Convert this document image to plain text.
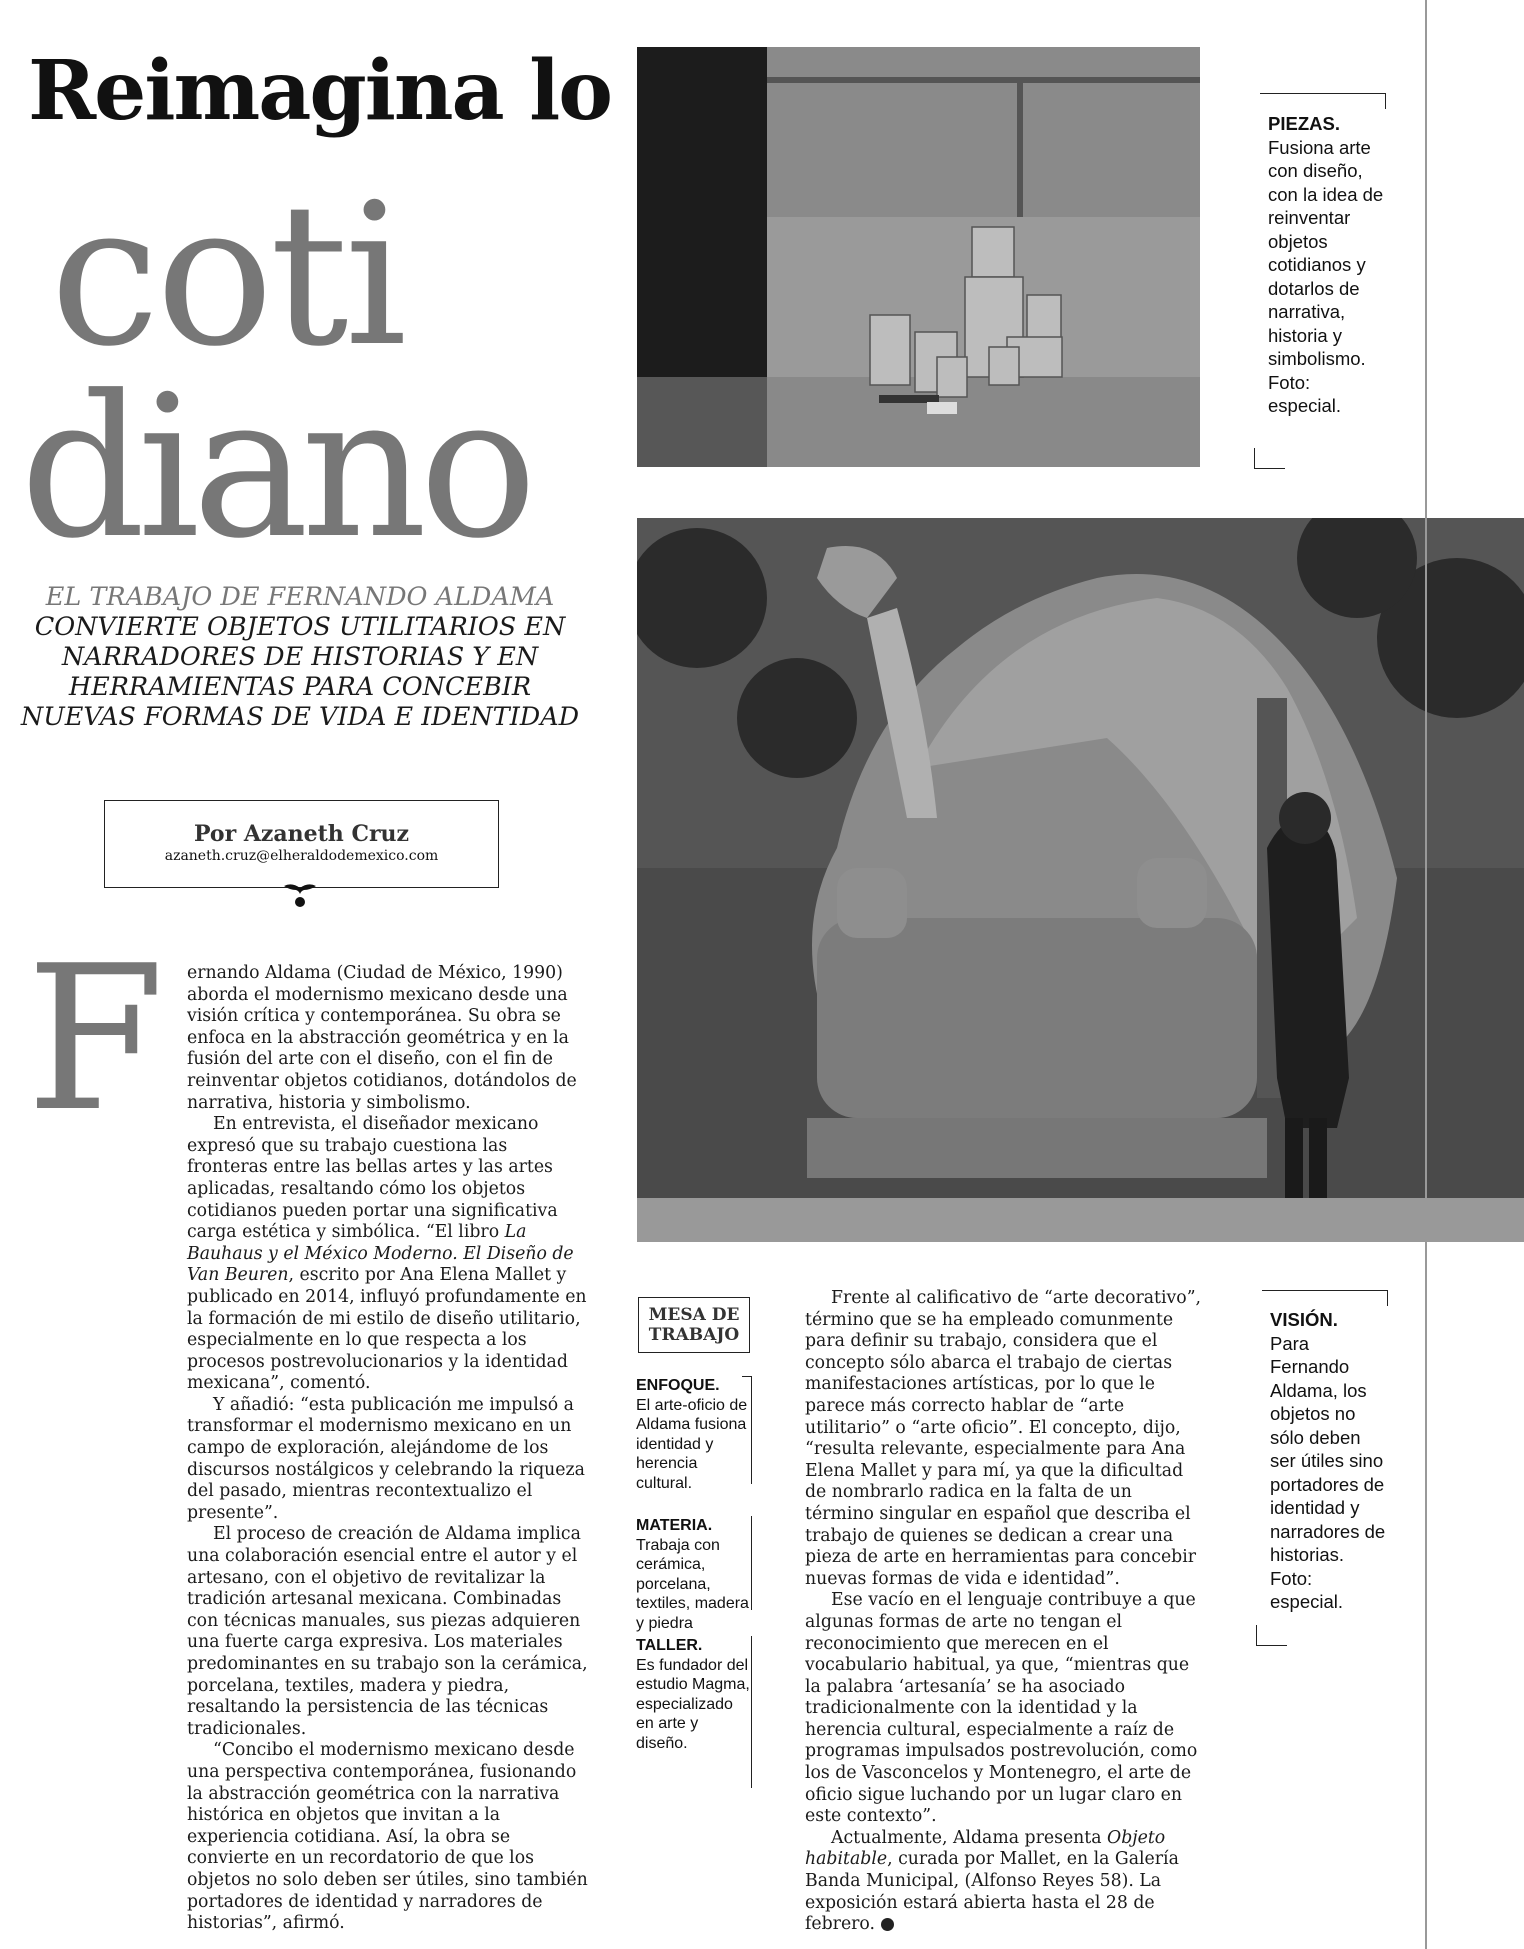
Reimagina lo
coti
diano
EL TRABAJO DE FERNANDO ALDAMA CONVIERTE OBJETOS UTILITARIOS EN NARRADORES DE HISTORIAS Y EN HERRAMIENTAS PARA CONCEBIR NUEVAS FORMAS DE VIDA E IDENTIDAD
Por Azaneth Cruz
azaneth.cruz@elheraldodemexico.com
F ernando Aldama (Ciudad de México, 1990) aborda el modernismo mexicano desde una visión crítica y contemporánea. Su obra se enfoca en la abstracción geométrica y en la fusión del arte con el diseño, con el fin de reinventar objetos cotidianos, dotándolos de narrativa, historia y simbolismo.

En entrevista, el diseñador mexicano expresó que su trabajo cuestiona las fronteras entre las bellas artes y las artes aplicadas, resaltando cómo los objetos cotidianos pueden portar una significativa carga estética y simbólica. “El libro La Bauhaus y el México Moderno. El Diseño de Van Beuren, escrito por Ana Elena Mallet y publicado en 2014, influyó profundamente en la formación de mi estilo de diseño utilitario, especialmente en lo que respecta a los procesos postrevolucionarios y la identidad mexicana”, comentó.

Y añadió: “esta publicación me impulsó a transformar el modernismo mexicano en un campo de exploración, alejándome de los discursos nostálgicos y celebrando la riqueza del pasado, mientras recontextualizo el presente”.

El proceso de creación de Aldama implica una colaboración esencial entre el autor y el artesano, con el objetivo de revitalizar la tradición artesanal mexicana. Combinadas con técnicas manuales, sus piezas adquieren una fuerte carga expresiva. Los materiales predominantes en su trabajo son la cerámica, porcelana, textiles, madera y piedra, resaltando la persistencia de las técnicas tradicionales.

“Concibo el modernismo mexicano desde una perspectiva contemporánea, fusionando la abstracción geométrica con la narrativa histórica en objetos que invitan a la experiencia cotidiana. Así, la obra se convierte en un recordatorio de que los objetos no solo deben ser útiles, sino también portadores de identidad y narradores de historias”, afirmó.

MESA DE TRABAJO
ENFOQUE.
El arte-oficio de Aldama fusiona identidad y herencia cultural.
MATERIA.
Trabaja con cerámica, porcelana, textiles, madera y piedra
TALLER.
Es fundador del estudio Magma, especializado en arte y diseño.

Frente al calificativo de “arte decorativo”, término que se ha empleado comunmente para definir su trabajo, considera que el concepto sólo abarca el trabajo de ciertas manifestaciones artísticas, por lo que le parece más correcto hablar de “arte utilitario” o “arte oficio”. El concepto, dijo, “resulta relevante, especialmente para Ana Elena Mallet y para mí, ya que la dificultad de nombrarlo radica en la falta de un término singular en español que describa el trabajo de quienes se dedican a crear una pieza de arte en herramientas para concebir nuevas formas de vida e identidad”.

Ese vacío en el lenguaje contribuye a que algunas formas de arte no tengan el reconocimiento que merecen en el vocabulario habitual, ya que, “mientras que la palabra ‘artesanía’ se ha asociado tradicionalmente con la identidad y la herencia cultural, especialmente a raíz de programas impulsados postrevolución, como los de Vasconcelos y Montenegro, el arte de oficio sigue luchando por un lugar claro en este contexto”.

Actualmente, Aldama presenta Objeto habitable, curada por Mallet, en la Galería Banda Municipal, (Alfonso Reyes 58). La exposición estará abierta hasta el 28 de febrero.	H

PIEZAS.
Fusiona arte con diseño, con la idea de reinventar objetos cotidianos y dotarlos de narrativa, historia y simbolismo. Foto: especial.
VISIÓN.
Para Fernando Aldama, los objetos no sólo deben ser útiles sino portadores de identidad y narradores de historias. Foto: especial.
